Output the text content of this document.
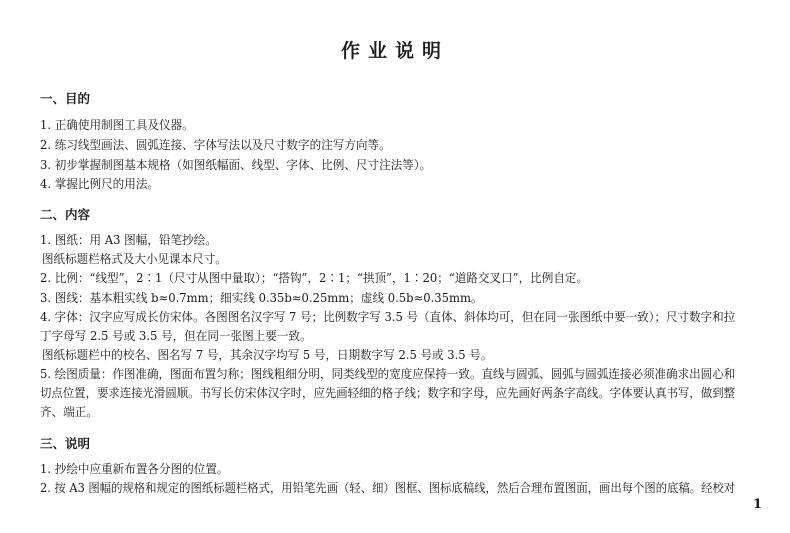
作业说明
一、目的
1. 正确使用制图工具及仪器。
2. 练习线型画法、圆弧连接、字体写法以及尺寸数字的注写方向等。
3. 初步掌握制图基本规格（如图纸幅面、线型、字体、比例、尺寸注法等）。
4. 掌握比例尺的用法。
二、内容
1. 图纸：用 A3 图幅，铅笔抄绘。
图纸标题栏格式及大小见课本尺寸。
2. 比例：“线型”，2∶1（尺寸从图中量取）；“搭钩”，2∶1；“拱顶”，1∶20；“道路交叉口”，比例自定。
3. 图线：基本粗实线 b≈0.7mm；细实线 0.35b≈0.25mm；虚线 0.5b≈0.35mm。
4. 字体：汉字应写成长仿宋体。各图图名汉字写 7 号；比例数字写 3.5 号（直体、斜体均可，但在同一张图纸中要一致）；尺寸数字和拉
丁字母写 2.5 号或 3.5 号，但在同一张图上要一致。
图纸标题栏中的校名、图名写 7 号，其余汉字均写 5 号，日期数字写 2.5 号或 3.5 号。
5. 绘图质量：作图准确，图面布置匀称；图线粗细分明，同类线型的宽度应保持一致。直线与圆弧、圆弧与圆弧连接必须准确求出圆心和
切点位置，要求连接光滑圆顺。书写长仿宋体汉字时，应先画轻细的格子线；数字和字母，应先画好两条字高线。字体要认真书写，做到整
齐、端正。
三、说明
1. 抄绘中应重新布置各分图的位置。
2. 按 A3 图幅的规格和规定的图纸标题栏格式，用铅笔先画（轻、细）图框、图标底稿线，然后合理布置图面，画出每个图的底稿。经校对
1
